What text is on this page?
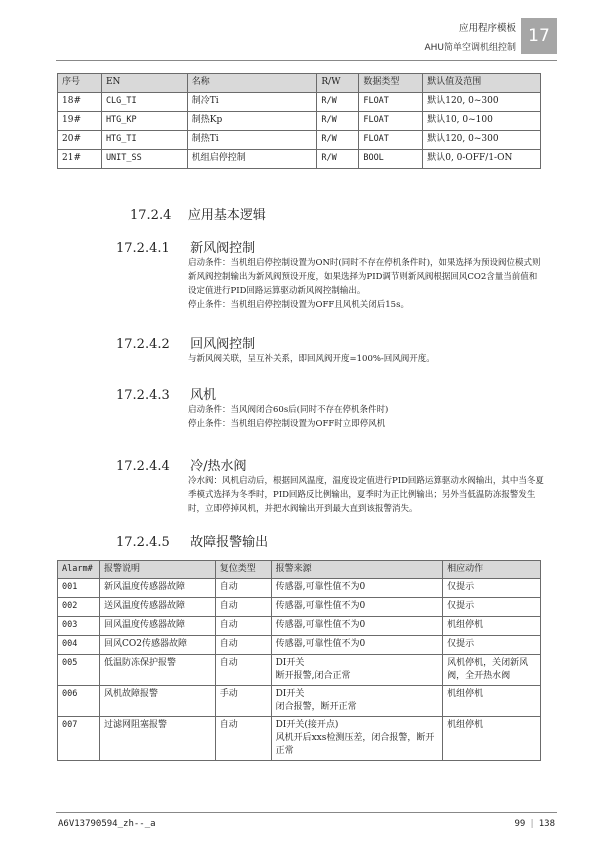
应用程序模板
AHU简单空调机组控制
17
序号	EN	名称	R/W	数据类型	默认值及范围
18#	CLG_TI	制冷Ti	R/W	FLOAT	默认120, 0~300
19#	HTG_KP	制热Kp	R/W	FLOAT	默认10, 0~100
20#	HTG_TI	制热Ti	R/W	FLOAT	默认120, 0~300
21#	UNIT_SS	机组启停控制	R/W	BOOL	默认0, 0-OFF/1-ON
17.2.4 应用基本逻辑
17.2.4.1 新风阀控制

启动条件：当机组启停控制设置为ON时(同时不存在停机条件时)，如果选择为预设阀位模式则新风阀控制输出为新风阀预设开度，如果选择为PID调节则新风阀根据回风CO2含量当前值和设定值进行PID回路运算驱动新风阀控制输出。

停止条件：当机组启停控制设置为OFF且风机关闭后15s。

17.2.4.2 回风阀控制

与新风阀关联，呈互补关系，即回风阀开度=100%-回风阀开度。

17.2.4.3 风机

启动条件：当风阀闭合60s后(同时不存在停机条件时)

停止条件：当机组启停控制设置为OFF时立即停风机

17.2.4.4 冷/热水阀

冷水阀：风机启动后，根据回风温度，温度设定值进行PID回路运算驱动水阀输出，其中当冬夏季模式选择为冬季时，PID回路反比例输出，夏季时为正比例输出；另外当低温防冻报警发生时，立即停掉风机，并把水阀输出开到最大直到该报警消失。

17.2.4.5 故障报警输出
Alarm#	报警说明	复位类型	报警来源	相应动作
001	新风温度传感器故障	自动	传感器,可靠性值不为0	仅提示

002	送风温度传感器故障	自动	传感器,可靠性值不为0	仅提示

003	回风温度传感器故障	自动	传感器,可靠性值不为0	机组停机

004	回风CO2传感器故障	自动	传感器,可靠性值不为0	仅提示

005	低温防冻保护报警	自动	DI开关
断开报警,闭合正常	风机停机，关闭新风阀，全开热水阀

006	风机故障报警	手动	DI开关
闭合报警，断开正常	机组停机

007	过滤网阻塞报警	自动	DI开关(接开点)
风机开后xxs检测压差，闭合报警，断开正常	机组停机
A6V13790594_zh--_a	99 | 138
